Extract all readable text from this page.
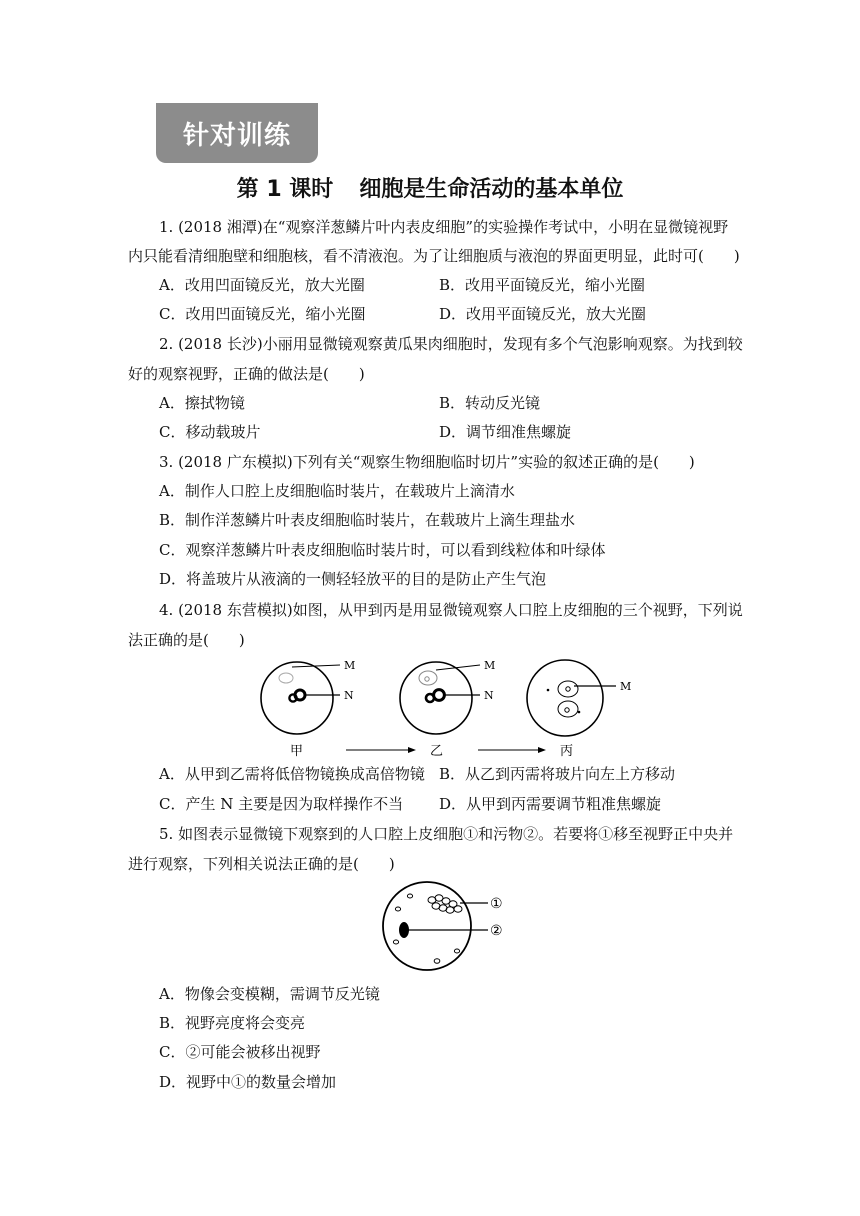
针对训练
第 1 课时 细胞是生命活动的基本单位
1. (2018 湘潭)在“观察洋葱鳞片叶内表皮细胞”的实验操作考试中，小明在显微镜视野
内只能看清细胞壁和细胞核，看不清液泡。为了让细胞质与液泡的界面更明显，此时可(　　)
A．改用凹面镜反光，放大光圈	B．改用平面镜反光，缩小光圈
C．改用凹面镜反光，缩小光圈	D．改用平面镜反光，放大光圈
2. (2018 长沙)小丽用显微镜观察黄瓜果肉细胞时，发现有多个气泡影响观察。为找到较
好的观察视野，正确的做法是(　　)
A．擦拭物镜	B．转动反光镜
C．移动载玻片	D．调节细准焦螺旋
3. (2018 广东模拟)下列有关“观察生物细胞临时切片”实验的叙述正确的是(　　)
A．制作人口腔上皮细胞临时装片，在载玻片上滴清水
B．制作洋葱鳞片叶表皮细胞临时装片，在载玻片上滴生理盐水
C．观察洋葱鳞片叶表皮细胞临时装片时，可以看到线粒体和叶绿体
D．将盖玻片从液滴的一侧轻轻放平的目的是防止产生气泡
4. (2018 东营模拟)如图，从甲到丙是用显微镜观察人口腔上皮细胞的三个视野，下列说
法正确的是(　　)
M
N
甲
M
N
乙
M
丙
A．从甲到乙需将低倍物镜换成高倍物镜 B．从乙到丙需将玻片向左上方移动
C．产生 N 主要是因为取样操作不当 D．从甲到丙需要调节粗准焦螺旋
5. 如图表示显微镜下观察到的人口腔上皮细胞①和污物②。若要将①移至视野正中央并
进行观察，下列相关说法正确的是(　　)
①
②
A．物像会变模糊，需调节反光镜
B．视野亮度将会变亮
C．②可能会被移出视野
D．视野中①的数量会增加
